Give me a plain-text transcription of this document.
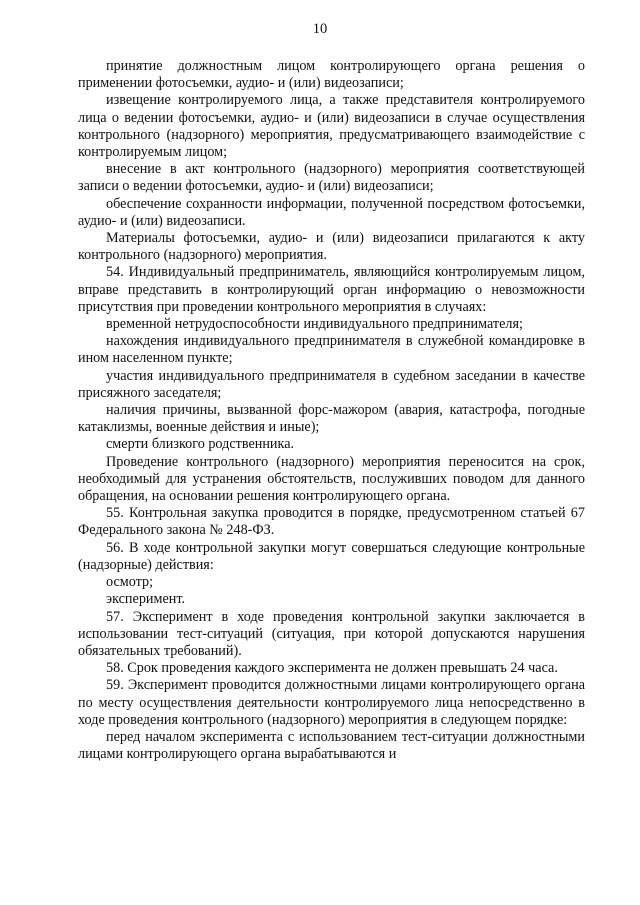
10

принятие должностным лицом контролирующего органа решения о применении фотосъемки, аудио- и (или) видеозаписи;

извещение контролируемого лица, а также представителя контролируемого лица о ведении фотосъемки, аудио- и (или) видеозаписи в случае осуществления контрольного (надзорного) мероприятия, предусматривающего взаимодействие с контролируемым лицом;

внесение в акт контрольного (надзорного) мероприятия соответствующей записи о ведении фотосъемки, аудио- и (или) видеозаписи;

обеспечение сохранности информации, полученной посредством фотосъемки, аудио- и (или) видеозаписи.

Материалы фотосъемки, аудио- и (или) видеозаписи прилагаются к акту контрольного (надзорного) мероприятия.

54. Индивидуальный предприниматель, являющийся контролируемым лицом, вправе представить в контролирующий орган информацию о невозможности присутствия при проведении контрольного мероприятия в случаях:

временной нетрудоспособности индивидуального предпринимателя;

нахождения индивидуального предпринимателя в служебной командировке в ином населенном пункте;

участия индивидуального предпринимателя в судебном заседании в качестве присяжного заседателя;

наличия причины, вызванной форс-мажором (авария, катастрофа, погодные катаклизмы, военные действия и иные);

смерти близкого родственника.

Проведение контрольного (надзорного) мероприятия переносится на срок, необходимый для устранения обстоятельств, послуживших поводом для данного обращения, на основании решения контролирующего органа.

55. Контрольная закупка проводится в порядке, предусмотренном статьей 67 Федерального закона № 248-ФЗ.

56. В ходе контрольной закупки могут совершаться следующие контрольные (надзорные) действия:

осмотр;

эксперимент.

57. Эксперимент в ходе проведения контрольной закупки заключается в использовании тест-ситуаций (ситуация, при которой допускаются нарушения обязательных требований).

58. Срок проведения каждого эксперимента не должен превышать 24 часа.

59. Эксперимент проводится должностными лицами контролирующего органа по месту осуществления деятельности контролируемого лица непосредственно в ходе проведения контрольного (надзорного) мероприятия в следующем порядке:

перед началом эксперимента с использованием тест-ситуации должностными лицами контролирующего органа вырабатываются и
